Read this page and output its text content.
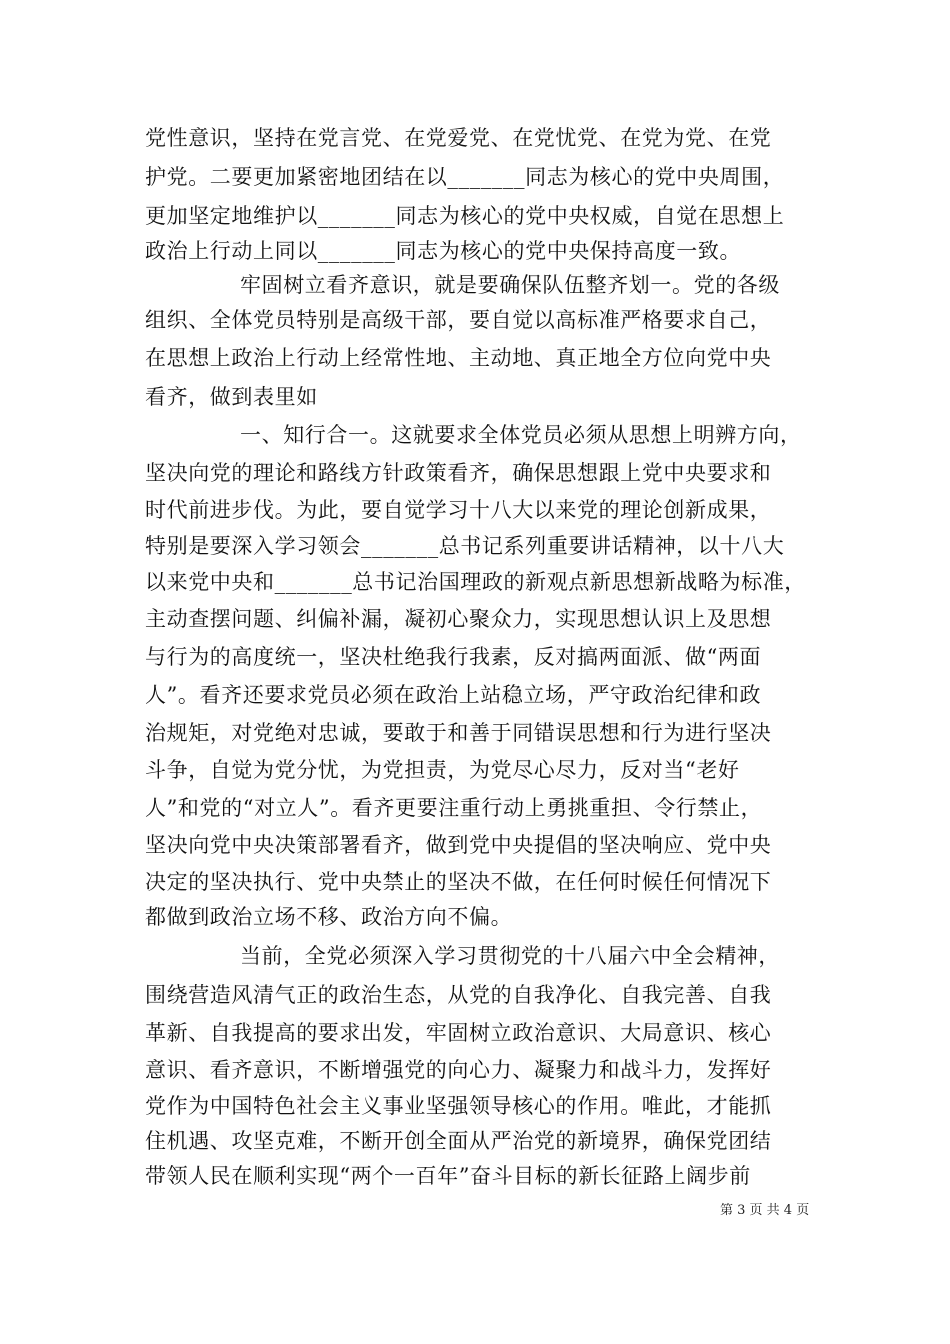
党性意识，坚持在党言党、在党爱党、在党忧党、在党为党、在党
护党。二要更加紧密地团结在以_______同志为核心的党中央周围，
更加坚定地维护以_______同志为核心的党中央权威，自觉在思想上
政治上行动上同以_______同志为核心的党中央保持高度一致。
牢固树立看齐意识，就是要确保队伍整齐划一。党的各级
组织、全体党员特别是高级干部，要自觉以高标准严格要求自己，
在思想上政治上行动上经常性地、主动地、真正地全方位向党中央
看齐，做到表里如
一、知行合一。这就要求全体党员必须从思想上明辨方向，
坚决向党的理论和路线方针政策看齐，确保思想跟上党中央要求和
时代前进步伐。为此，要自觉学习十八大以来党的理论创新成果，
特别是要深入学习领会_______总书记系列重要讲话精神，以十八大
以来党中央和_______总书记治国理政的新观点新思想新战略为标准，
主动查摆问题、纠偏补漏，凝初心聚众力，实现思想认识上及思想
与行为的高度统一，坚决杜绝我行我素，反对搞两面派、做“两面
人”。看齐还要求党员必须在政治上站稳立场，严守政治纪律和政
治规矩，对党绝对忠诚，要敢于和善于同错误思想和行为进行坚决
斗争，自觉为党分忧，为党担责，为党尽心尽力，反对当“老好
人”和党的“对立人”。看齐更要注重行动上勇挑重担、令行禁止，
坚决向党中央决策部署看齐，做到党中央提倡的坚决响应、党中央
决定的坚决执行、党中央禁止的坚决不做，在任何时候任何情况下
都做到政治立场不移、政治方向不偏。
当前，全党必须深入学习贯彻党的十八届六中全会精神，
围绕营造风清气正的政治生态，从党的自我净化、自我完善、自我
革新、自我提高的要求出发，牢固树立政治意识、大局意识、核心
意识、看齐意识，不断增强党的向心力、凝聚力和战斗力，发挥好
党作为中国特色社会主义事业坚强领导核心的作用。唯此，才能抓
住机遇、攻坚克难，不断开创全面从严治党的新境界，确保党团结
带领人民在顺利实现“两个一百年”奋斗目标的新长征路上阔步前
第 3 页 共 4 页
